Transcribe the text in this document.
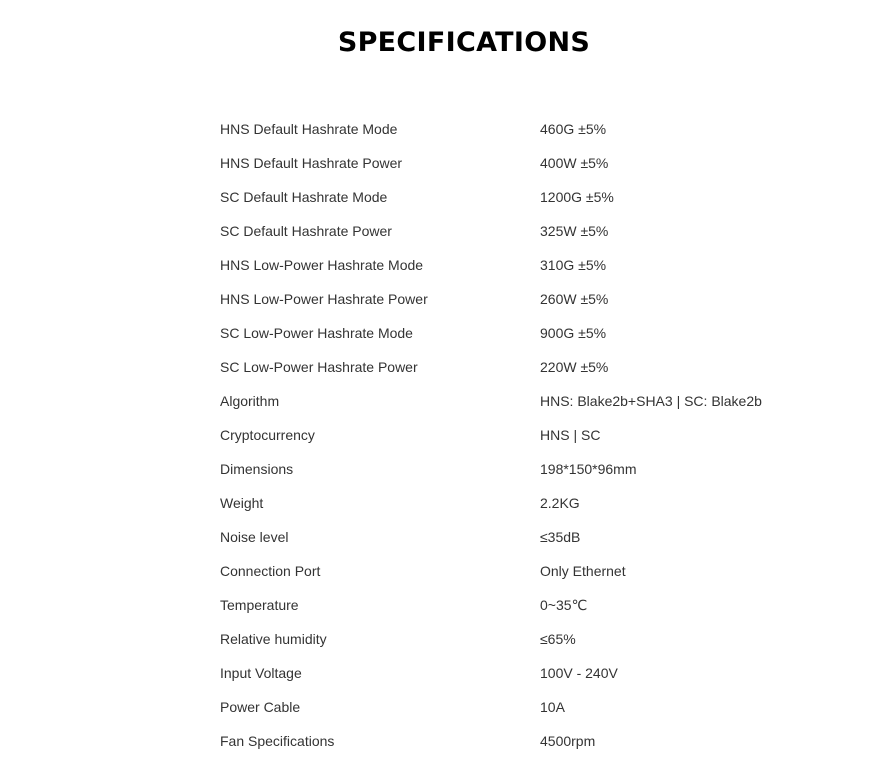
SPECIFICATIONS
HNS Default Hashrate Mode	460G ±5%
HNS Default Hashrate Power	400W ±5%
SC Default Hashrate Mode	1200G ±5%
SC Default Hashrate Power	325W ±5%
HNS Low-Power Hashrate Mode	310G ±5%
HNS Low-Power Hashrate Power	260W ±5%
SC Low-Power Hashrate Mode	900G ±5%
SC Low-Power Hashrate Power	220W ±5%
Algorithm	HNS: Blake2b+SHA3 | SC: Blake2b
Cryptocurrency	HNS | SC
Dimensions	198*150*96mm
Weight	2.2KG
Noise level	≤35dB
Connection Port	Only Ethernet
Temperature	0~35℃
Relative humidity	≤65%
Input Voltage	100V - 240V
Power Cable	10A
Fan Specifications	4500rpm
